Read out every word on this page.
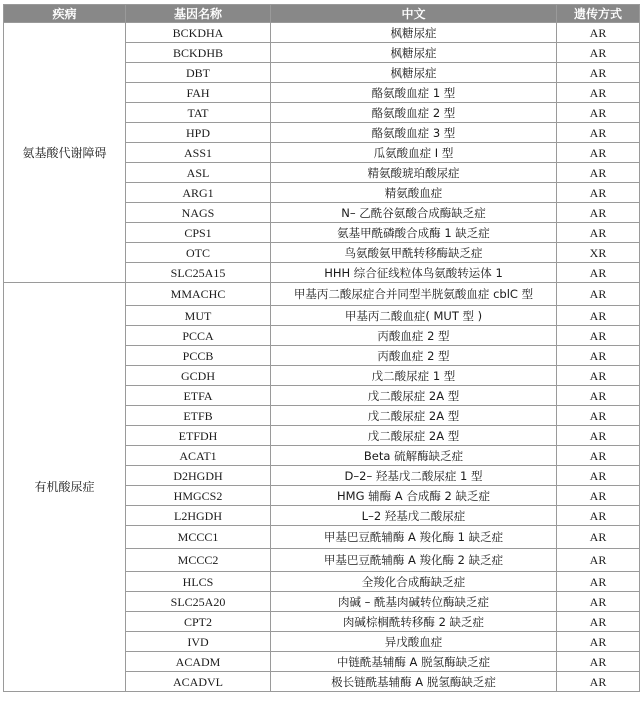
疾病	基因名称	中文	遗传方式
氨基酸代谢障碍	BCKDHA	枫糖尿症	AR
	BCKDHB	枫糖尿症	AR
	DBT	枫糖尿症	AR
	FAH	酪氨酸血症 1 型	AR
	TAT	酪氨酸血症 2 型	AR
	HPD	酪氨酸血症 3 型	AR
	ASS1	瓜氨酸血症 I 型	AR
	ASL	精氨酸琥珀酸尿症	AR
	ARG1	精氨酸血症	AR
	NAGS	N– 乙酰谷氨酸合成酶缺乏症	AR
	CPS1	氨基甲酰磷酸合成酶 1 缺乏症	AR
	OTC	鸟氨酸氨甲酰转移酶缺乏症	XR
	SLC25A15	HHH 综合征线粒体鸟氨酸转运体 1	AR
有机酸尿症	MMACHC	甲基丙二酸尿症合并同型半胱氨酸血症 cblC 型	AR
	MUT	甲基丙二酸血症( MUT 型 )	AR
	PCCA	丙酸血症 2 型	AR
	PCCB	丙酸血症 2 型	AR
	GCDH	戊二酸尿症 1 型	AR
	ETFA	戊二酸尿症 2A 型	AR
	ETFB	戊二酸尿症 2A 型	AR
	ETFDH	戊二酸尿症 2A 型	AR
	ACAT1	Beta 硫解酶缺乏症	AR
	D2HGDH	D–2– 羟基戊二酸尿症 1 型	AR
	HMGCS2	HMG 辅酶 A 合成酶 2 缺乏症	AR
	L2HGDH	L–2 羟基戊二酸尿症	AR
	MCCC1	甲基巴豆酰辅酶 A 羧化酶 1 缺乏症	AR
	MCCC2	甲基巴豆酰辅酶 A 羧化酶 2 缺乏症	AR
	HLCS	全羧化合成酶缺乏症	AR
	SLC25A20	肉碱 – 酰基肉碱转位酶缺乏症	AR
	CPT2	肉碱棕榈酰转移酶 2 缺乏症	AR
	IVD	异戊酸血症	AR
	ACADM	中链酰基辅酶 A 脱氢酶缺乏症	AR
	ACADVL	极长链酰基辅酶 A 脱氢酶缺乏症	AR
